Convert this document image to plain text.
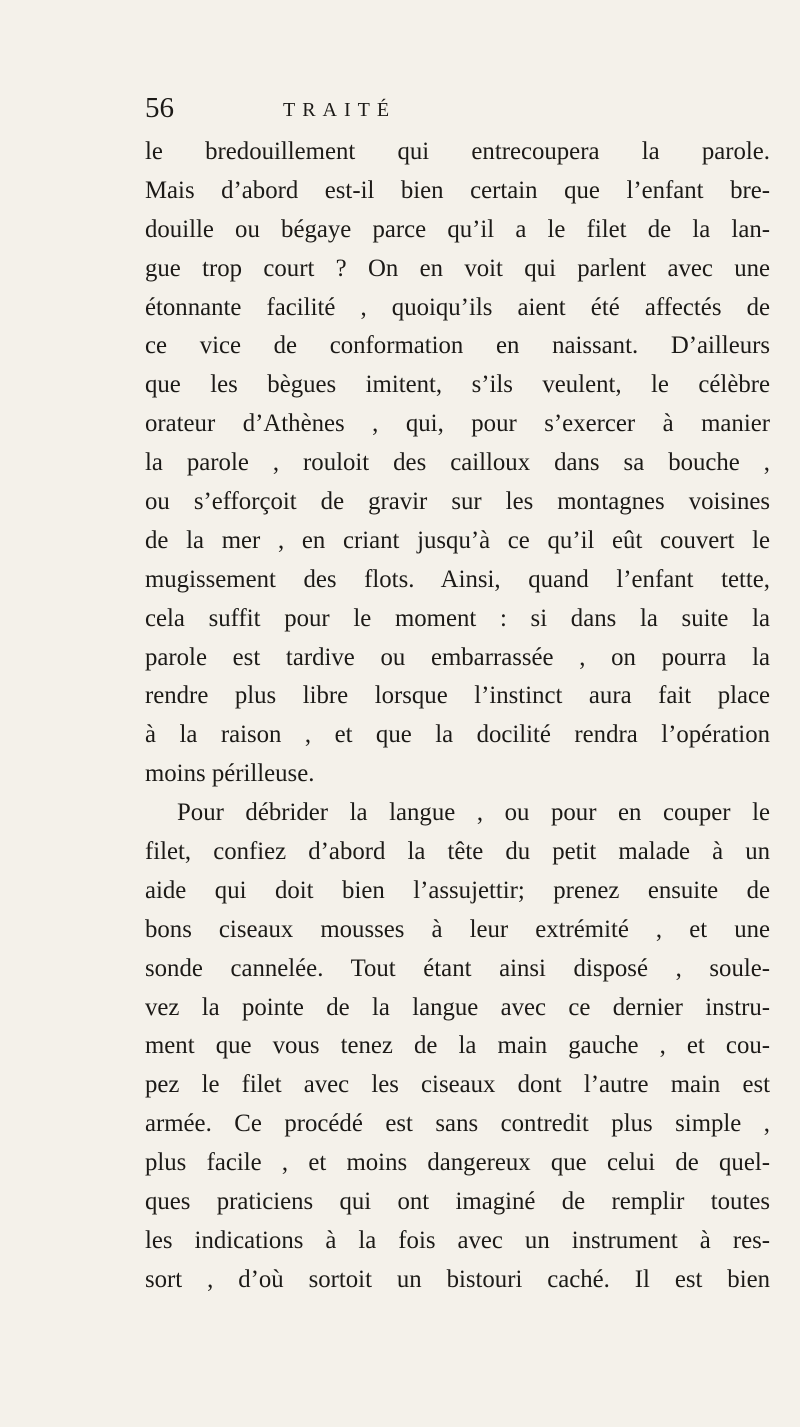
56	TRAITÉ
le bredouillement qui entrecoupera la parole.
Mais d’abord est-il bien certain que l’enfant bre-
douille ou bégaye parce qu’il a le filet de la lan-
gue trop court ? On en voit qui parlent avec une
étonnante facilité , quoiqu’ils aient été affectés de
ce vice de conformation en naissant. D’ailleurs
que les bègues imitent, s’ils veulent, le célèbre
orateur d’Athènes , qui, pour s’exercer à manier
la parole , rouloit des cailloux dans sa bouche ,
ou s’efforçoit de gravir sur les montagnes voisines
de la mer , en criant jusqu’à ce qu’il eût couvert le
mugissement des flots. Ainsi, quand l’enfant tette,
cela suffit pour le moment : si dans la suite la
parole est tardive ou embarrassée , on pourra la
rendre plus libre lorsque l’instinct aura fait place
à la raison , et que la docilité rendra l’opération
moins périlleuse.
Pour débrider la langue , ou pour en couper le
filet, confiez d’abord la tête du petit malade à un
aide qui doit bien l’assujettir; prenez ensuite de
bons ciseaux mousses à leur extrémité , et une
sonde cannelée. Tout étant ainsi disposé , soule-
vez la pointe de la langue avec ce dernier instru-
ment que vous tenez de la main gauche , et cou-
pez le filet avec les ciseaux dont l’autre main est
armée. Ce procédé est sans contredit plus simple ,
plus facile , et moins dangereux que celui de quel-
ques praticiens qui ont imaginé de remplir toutes
les indications à la fois avec un instrument à res-
sort , d’où sortoit un bistouri caché. Il est bien
